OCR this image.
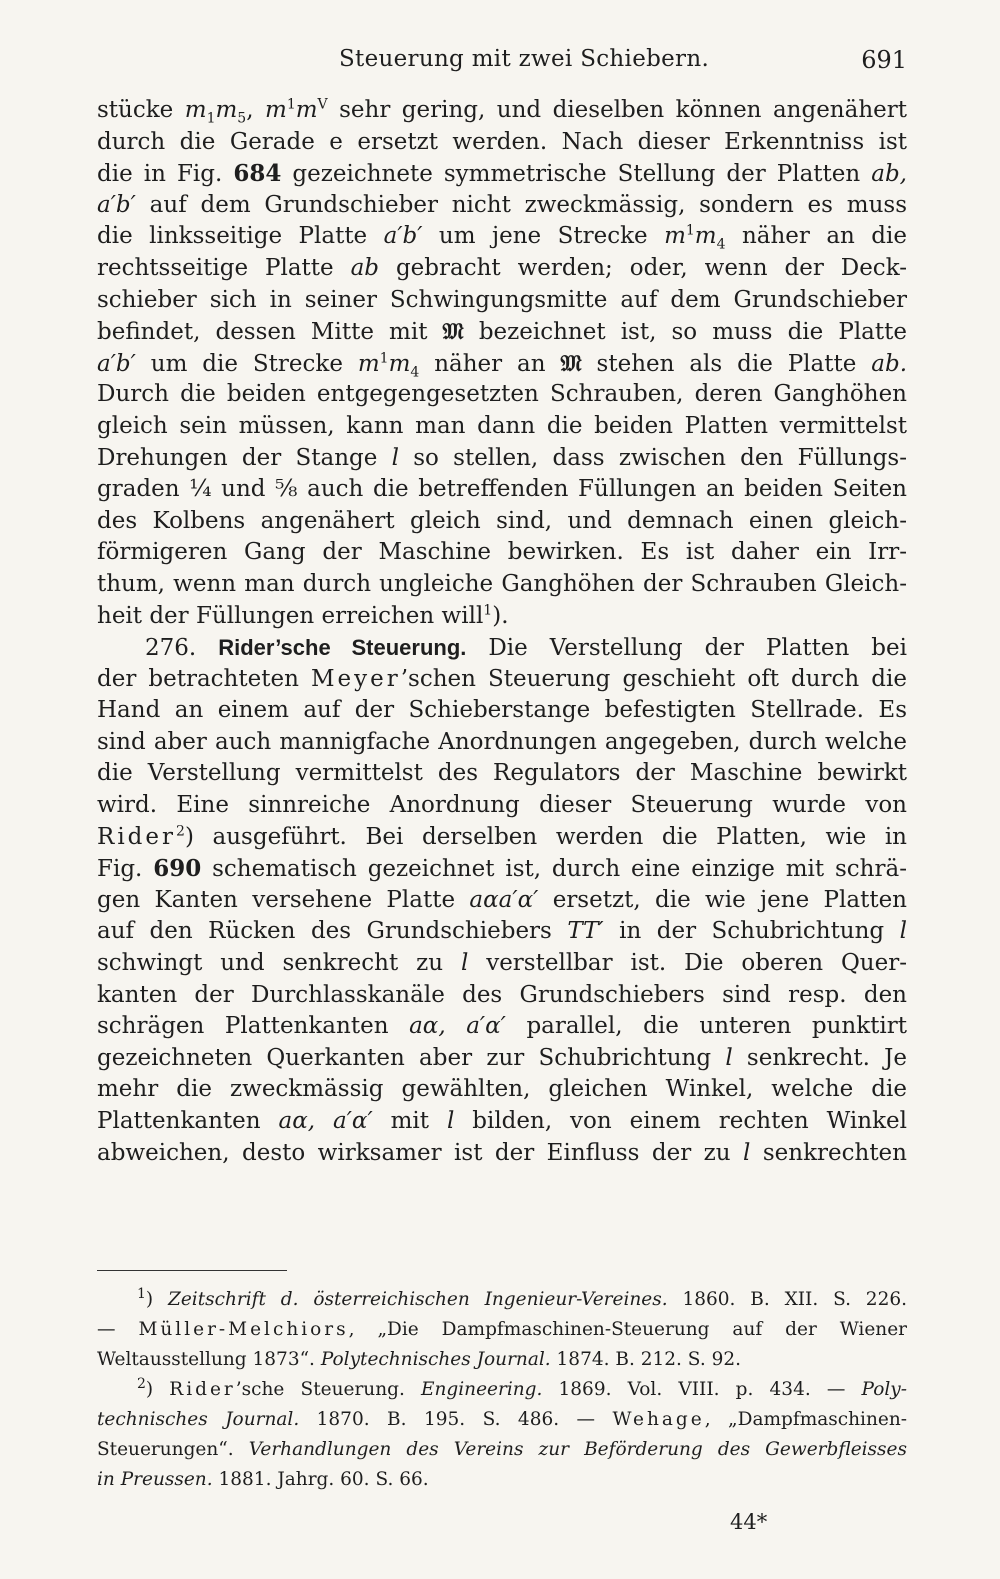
Steuerung mit zwei Schiebern.	691
stücke $m_1m_5$, $m^1m^V$ sehr gering, und dieselben können angenähert
durch die Gerade e ersetzt werden. Nach dieser Erkenntniss ist
die in Fig. 684 gezeichnete symmetrische Stellung der Platten ab,
a′b′ auf dem Grundschieber nicht zweckmässig, sondern es muss
die linksseitige Platte a′b′ um jene Strecke $m^1m_4$ näher an die
rechtsseitige Platte ab gebracht werden; oder, wenn der Deck-
schieber sich in seiner Schwingungsmitte auf dem Grundschieber
befindet, dessen Mitte mit 𝔐 bezeichnet ist, so muss die Platte
a′b′ um die Strecke $m^1m_4$ näher an 𝔐 stehen als die Platte ab.
Durch die beiden entgegengesetzten Schrauben, deren Ganghöhen
gleich sein müssen, kann man dann die beiden Platten vermittelst
Drehungen der Stange l so stellen, dass zwischen den Füllungs-
graden ¼ und ⅝ auch die betreffenden Füllungen an beiden Seiten
des Kolbens angenähert gleich sind, und demnach einen gleich-
förmigeren Gang der Maschine bewirken. Es ist daher ein Irr-
thum, wenn man durch ungleiche Ganghöhen der Schrauben Gleich-
heit der Füllungen erreichen will$^1$).
276. Rider’sche Steuerung. Die Verstellung der Platten bei
der betrachteten Meyer’schen Steuerung geschieht oft durch die
Hand an einem auf der Schieberstange befestigten Stellrade. Es
sind aber auch mannigfache Anordnungen angegeben, durch welche
die Verstellung vermittelst des Regulators der Maschine bewirkt
wird. Eine sinnreiche Anordnung dieser Steuerung wurde von
Rider$^2$) ausgeführt. Bei derselben werden die Platten, wie in
Fig. 690 schematisch gezeichnet ist, durch eine einzige mit schrä-
gen Kanten versehene Platte aαa′α′ ersetzt, die wie jene Platten
auf den Rücken des Grundschiebers TT′ in der Schubrichtung l
schwingt und senkrecht zu l verstellbar ist. Die oberen Quer-
kanten der Durchlasskanäle des Grundschiebers sind resp. den
schrägen Plattenkanten aα, a′α′ parallel, die unteren punktirt
gezeichneten Querkanten aber zur Schubrichtung l senkrecht. Je
mehr die zweckmässig gewählten, gleichen Winkel, welche die
Plattenkanten aα, a′α′ mit l bilden, von einem rechten Winkel
abweichen, desto wirksamer ist der Einfluss der zu l senkrechten
$^1$) Zeitschrift d. österreichischen Ingenieur-Vereines. 1860. B. XII. S. 226.
— Müller-Melchiors, „Die Dampfmaschinen-Steuerung auf der Wiener
Weltausstellung 1873“. Polytechnisches Journal. 1874. B. 212. S. 92.
$^2$) Rider’sche Steuerung. Engineering. 1869. Vol. VIII. p. 434. — Poly-
technisches Journal. 1870. B. 195. S. 486. — Wehage, „Dampfmaschinen-
Steuerungen“. Verhandlungen des Vereins zur Beförderung des Gewerbfleisses
in Preussen. 1881. Jahrg. 60. S. 66.
44*
